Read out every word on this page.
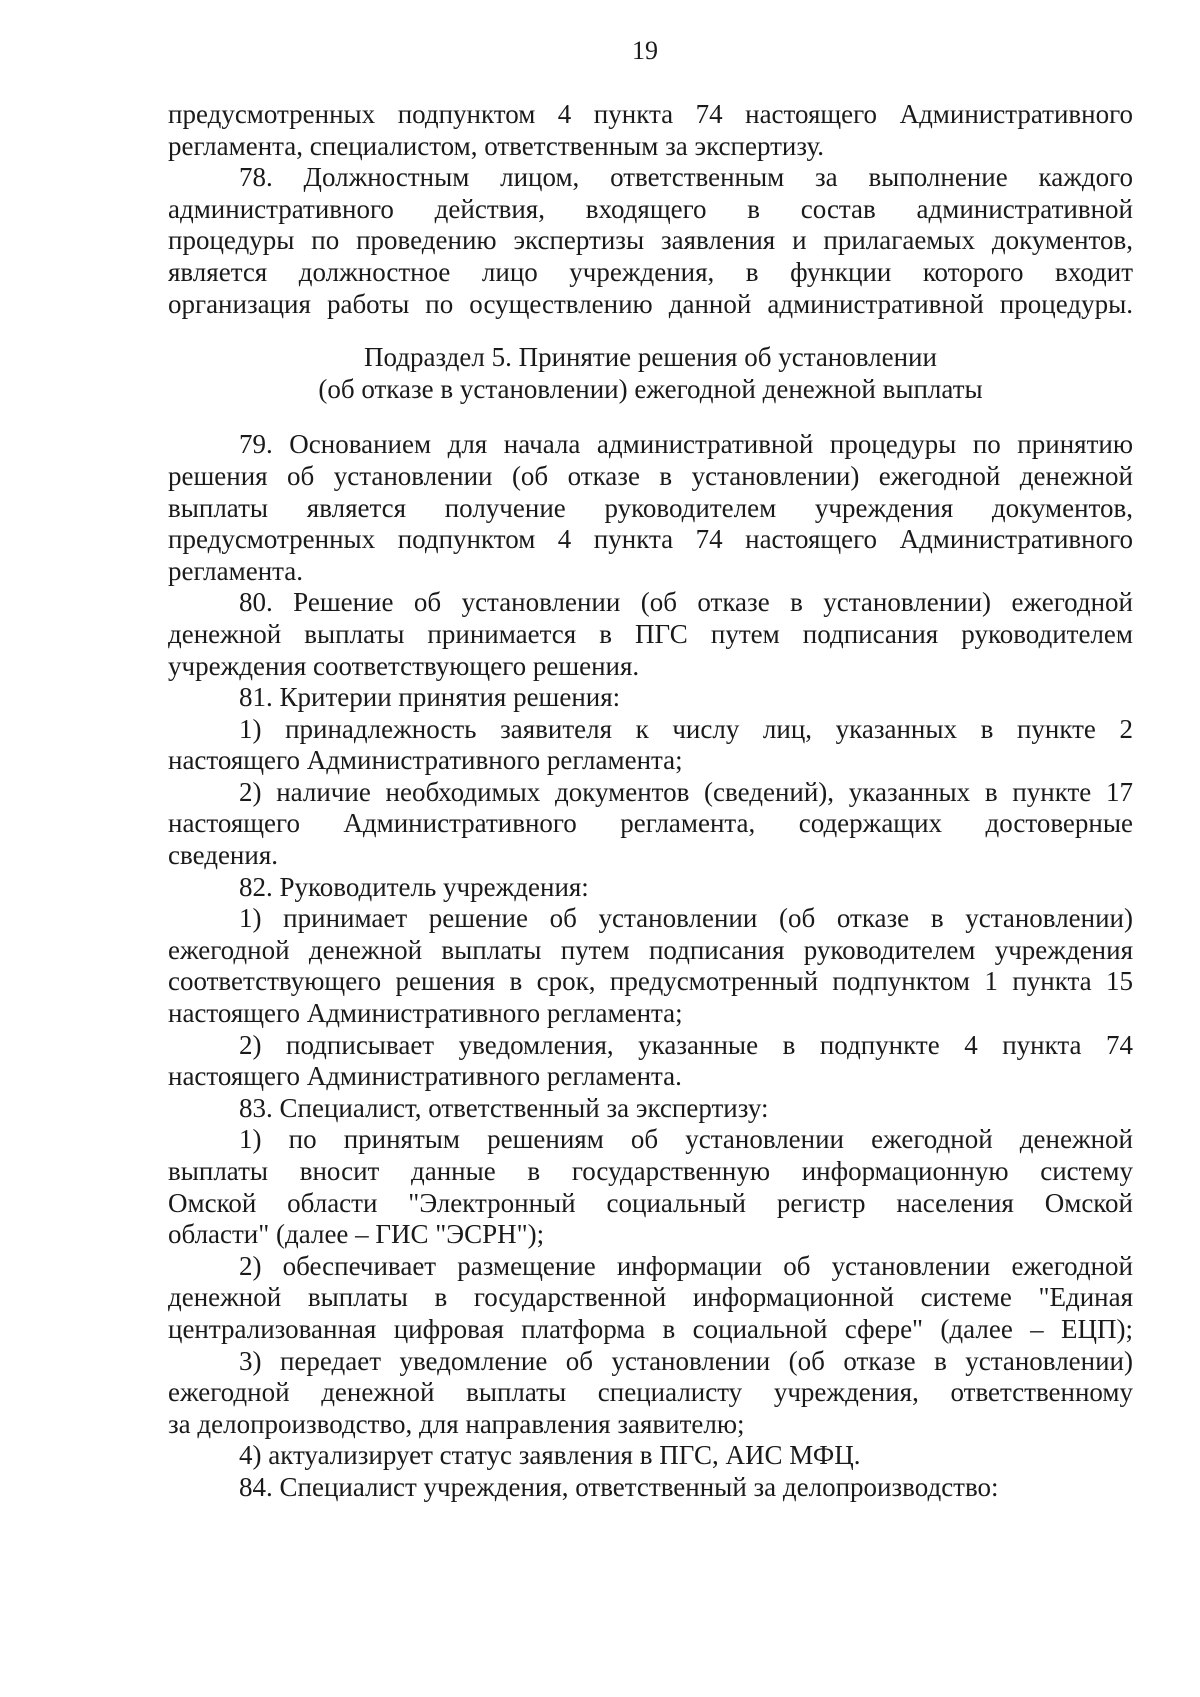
19
предусмотренных подпунктом 4 пункта 74 настоящего Административного
регламента, специалистом, ответственным за экспертизу.
78. Должностным лицом, ответственным за выполнение каждого
административного действия, входящего в состав административной
процедуры по проведению экспертизы заявления и прилагаемых документов,
является должностное лицо учреждения, в функции которого входит
организация работы по осуществлению данной административной процедуры.
Подраздел 5. Принятие решения об установлении
(об отказе в установлении) ежегодной денежной выплаты
79. Основанием для начала административной процедуры по принятию
решения об установлении (об отказе в установлении) ежегодной денежной
выплаты является получение руководителем учреждения документов,
предусмотренных подпунктом 4 пункта 74 настоящего Административного
регламента.
80. Решение об установлении (об отказе в установлении) ежегодной
денежной выплаты принимается в ПГС путем подписания руководителем
учреждения соответствующего решения.
81. Критерии принятия решения:
1) принадлежность заявителя к числу лиц, указанных в пункте 2
настоящего Административного регламента;
2) наличие необходимых документов (сведений), указанных в пункте 17
настоящего Административного регламента, содержащих достоверные
сведения.
82. Руководитель учреждения:
1) принимает решение об установлении (об отказе в установлении)
ежегодной денежной выплаты путем подписания руководителем учреждения
соответствующего решения в срок, предусмотренный подпунктом 1 пункта 15
настоящего Административного регламента;
2) подписывает уведомления, указанные в подпункте 4 пункта 74
настоящего Административного регламента.
83. Специалист, ответственный за экспертизу:
1) по принятым решениям об установлении ежегодной денежной
выплаты вносит данные в государственную информационную систему
Омской области "Электронный социальный регистр населения Омской
области" (далее – ГИС "ЭСРН");
2) обеспечивает размещение информации об установлении ежегодной
денежной выплаты в государственной информационной системе "Единая
централизованная цифровая платформа в социальной сфере" (далее – ЕЦП);
3) передает уведомление об установлении (об отказе в установлении)
ежегодной денежной выплаты специалисту учреждения, ответственному
за делопроизводство, для направления заявителю;
4) актуализирует статус заявления в ПГС, АИС МФЦ.
84. Специалист учреждения, ответственный за делопроизводство:
